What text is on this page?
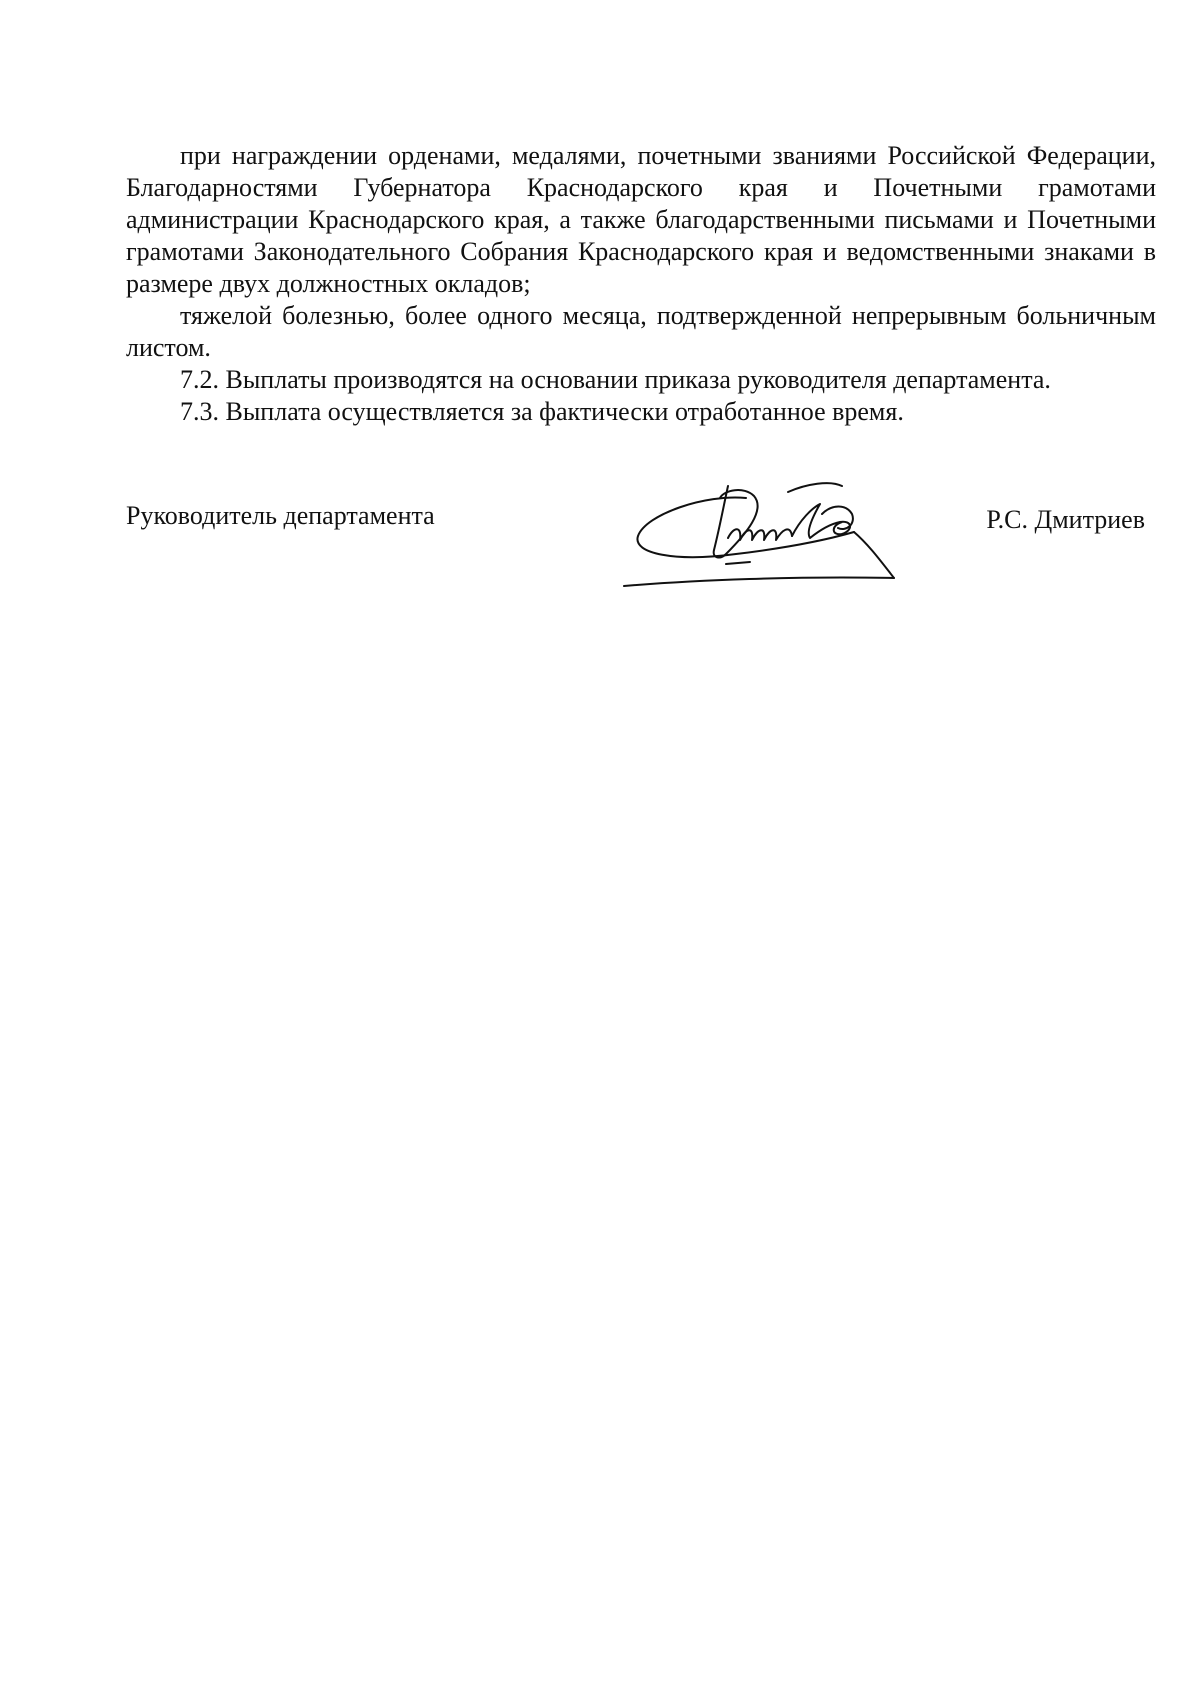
при награждении орденами, медалями, почетными званиями Российской Федерации, Благодарностями Губернатора Краснодарского края и Почетными грамотами администрации Краснодарского края, а также благодарственными письмами и Почетными грамотами Законодательного Собрания Краснодарского края и ведомственными знаками в размере двух должностных окладов;

тяжелой болезнью, более одного месяца, подтвержденной непрерывным больничным листом.

7.2. Выплаты производятся на основании приказа руководителя департамента.

7.3. Выплата осуществляется за фактически отработанное время.

Руководитель департамента	Р.С. Дмитриев
